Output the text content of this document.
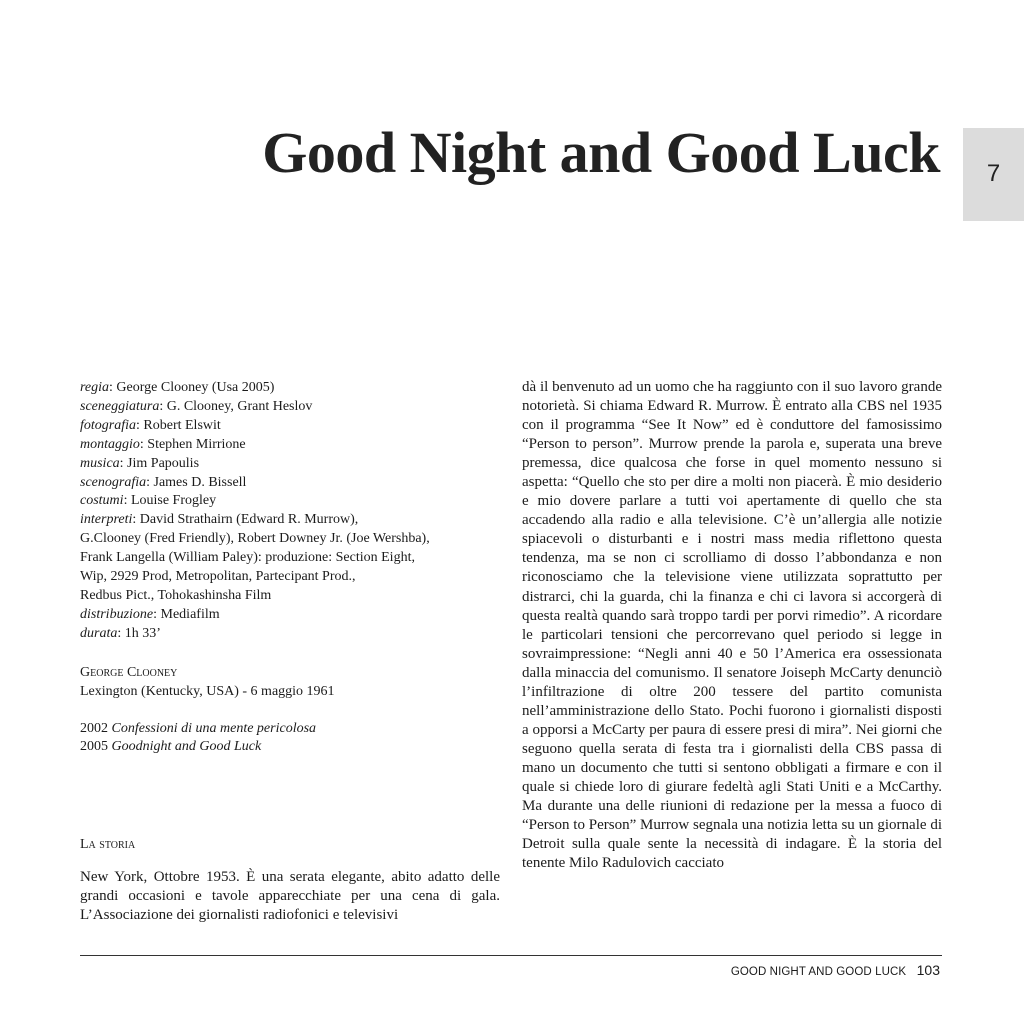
Good Night and Good Luck	7
regia: George Clooney (Usa 2005)
sceneggiatura: G. Clooney, Grant Heslov
fotografia: Robert Elswit
montaggio: Stephen Mirrione
musica: Jim Papoulis
scenografia: James D. Bissell
costumi: Louise Frogley
interpreti: David Strathairn (Edward R. Murrow),
G.Clooney (Fred Friendly), Robert Downey Jr. (Joe Wershba),
Frank Langella (William Paley): produzione: Section Eight,
Wip, 2929 Prod, Metropolitan, Partecipant Prod.,
Redbus Pict., Tohokashinsha Film
distribuzione: Mediafilm
durata: 1h 33’
George Clooney
Lexington (Kentucky, USA) - 6 maggio 1961
2002 Confessioni di una mente pericolosa
2005 Goodnight and Good Luck
La storia
New York, Ottobre 1953. È una serata elegante, abito adatto delle grandi occasioni e tavole apparecchiate per una cena di gala. L’Associazione dei giornalisti radiofonici e televisivi

dà il benvenuto ad un uomo che ha raggiunto con il suo lavoro grande notorietà. Si chiama Edward R. Murrow. È entrato alla CBS nel 1935 con il programma “See It Now” ed è conduttore del famosissimo “Person to person”. Murrow prende la parola e, superata una breve premessa, dice qualcosa che forse in quel momento nessuno si aspetta: “Quello che sto per dire a molti non piacerà. È mio desiderio e mio dovere parlare a tutti voi apertamente di quello che sta accadendo alla radio e alla televisione. C’è un’allergia alle notizie spiacevoli o disturbanti e i nostri mass media riflettono questa tendenza, ma se non ci scrolliamo di dosso l’abbondanza e non riconosciamo che la televisione viene utilizzata soprattutto per distrarci, chi la guarda, chi la finanza e chi ci lavora si accorgerà di questa realtà quando sarà troppo tardi per porvi rimedio”. A ricordare le particolari tensioni che percorrevano quel periodo si legge in sovraimpressione: “Negli anni 40 e 50 l’America era ossessionata dalla minaccia del comunismo. Il senatore Joiseph McCarty denunciò l’infiltrazione di oltre 200 tessere del partito comunista nell’amministrazione dello Stato. Pochi fuorono i giornalisti disposti a opporsi a McCarty per paura di essere presi di mira”. Nei giorni che seguono quella serata di festa tra i giornalisti della CBS passa di mano un documento che tutti si sentono obbligati a firmare e con il quale si chiede loro di giurare fedeltà agli Stati Uniti e a McCarthy. Ma durante una delle riunioni di redazione per la messa a fuoco di “Person to Person” Murrow segnala una notizia letta su un giornale di Detroit sulla quale sente la necessità di indagare. È la storia del tenente Milo Radulovich cacciato

GOOD NIGHT AND GOOD LUCK 103
